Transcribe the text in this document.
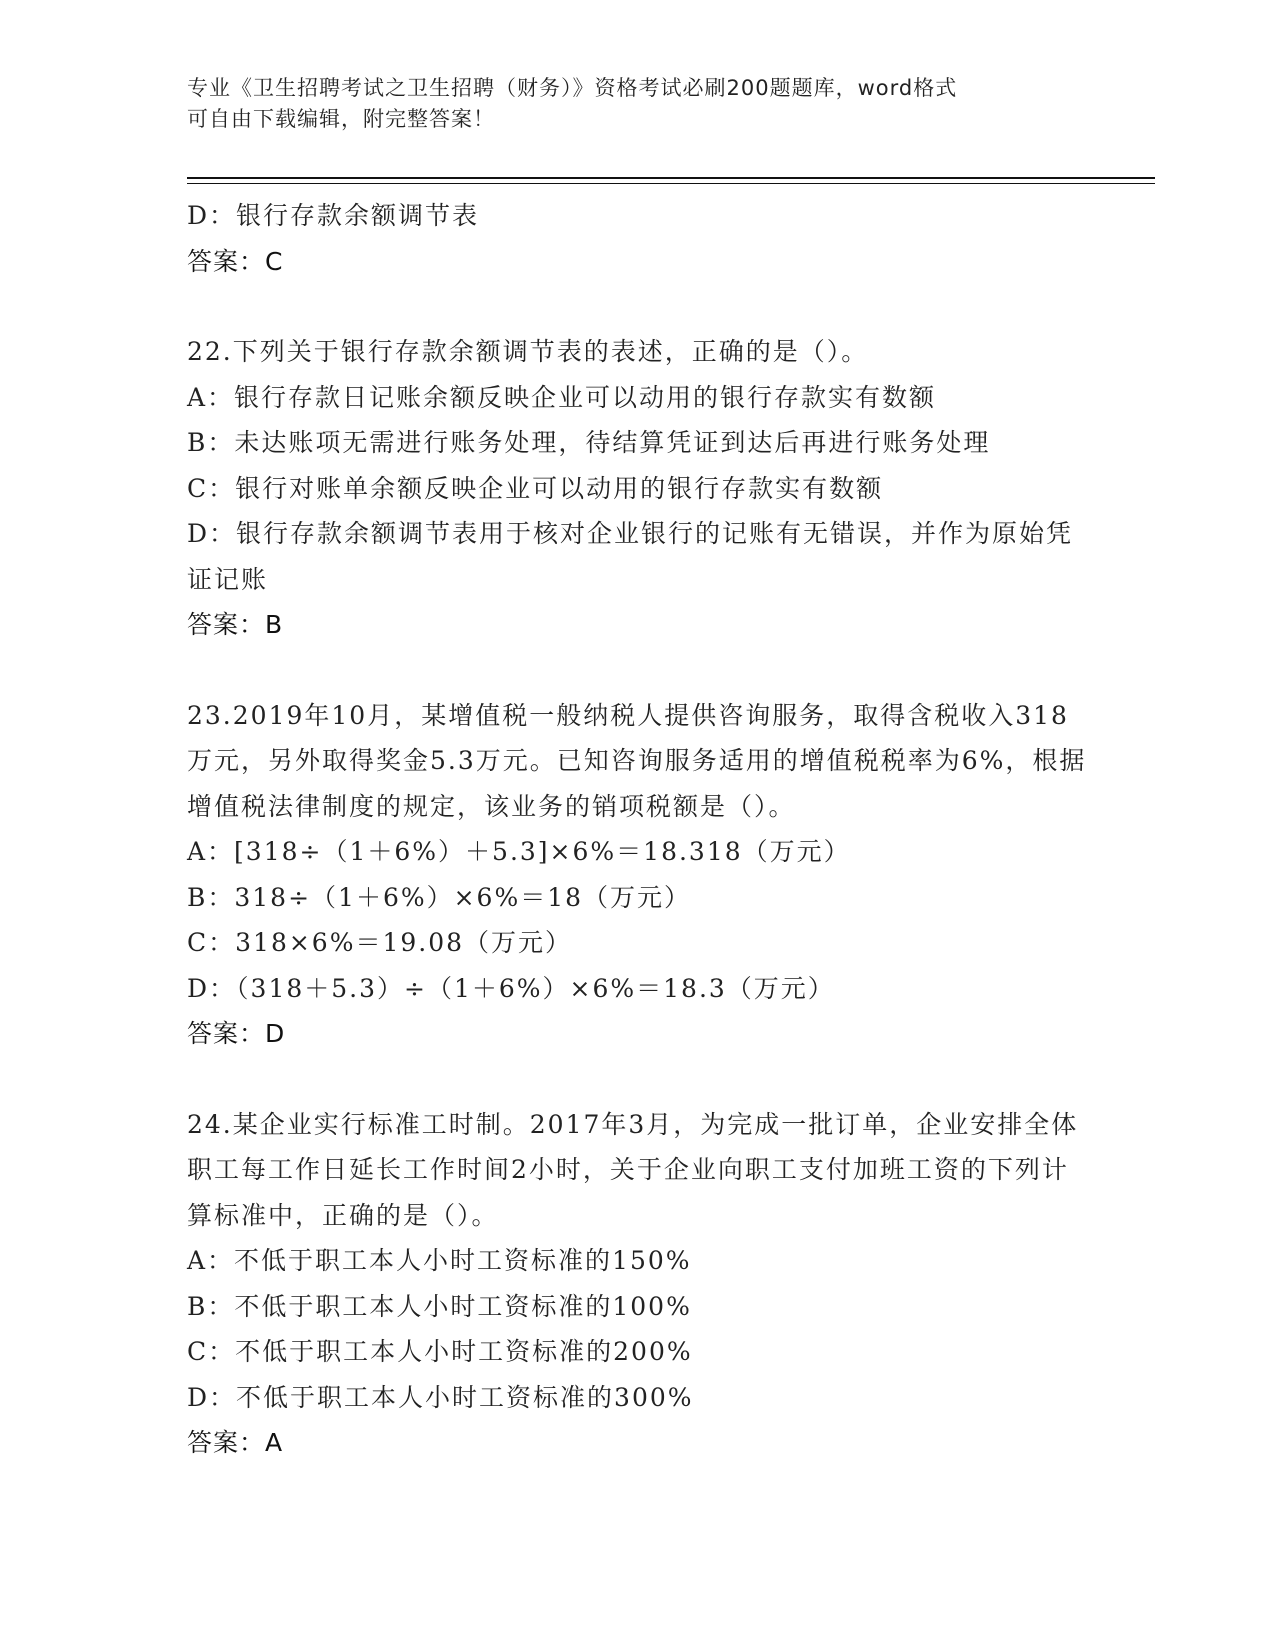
专业《卫生招聘考试之卫生招聘（财务）》资格考试必刷200题题库，word格式

可自由下载编辑，附完整答案！

D：银行存款余额调节表

答案：C

22.下列关于银行存款余额调节表的表述，正确的是（）。

A：银行存款日记账余额反映企业可以动用的银行存款实有数额

B：未达账项无需进行账务处理，待结算凭证到达后再进行账务处理

C：银行对账单余额反映企业可以动用的银行存款实有数额

D：银行存款余额调节表用于核对企业银行的记账有无错误，并作为原始凭证记账

答案：B

23.2019年10月，某增值税一般纳税人提供咨询服务，取得含税收入318万元，另外取得奖金5.3万元。已知咨询服务适用的增值税税率为6%，根据增值税法律制度的规定，该业务的销项税额是（）。

A：[318÷（1＋6%）＋5.3]×6%＝18.318（万元）

B：318÷（1＋6%）×6%＝18（万元）

C：318×6%＝19.08（万元）

D：（318＋5.3）÷（1＋6%）×6%＝18.3（万元）

答案：D

24.某企业实行标准工时制。2017年3月，为完成一批订单，企业安排全体职工每工作日延长工作时间2小时，关于企业向职工支付加班工资的下列计算标准中，正确的是（）。

A：不低于职工本人小时工资标准的150%

B：不低于职工本人小时工资标准的100%

C：不低于职工本人小时工资标准的200%

D：不低于职工本人小时工资标准的300%

答案：A
